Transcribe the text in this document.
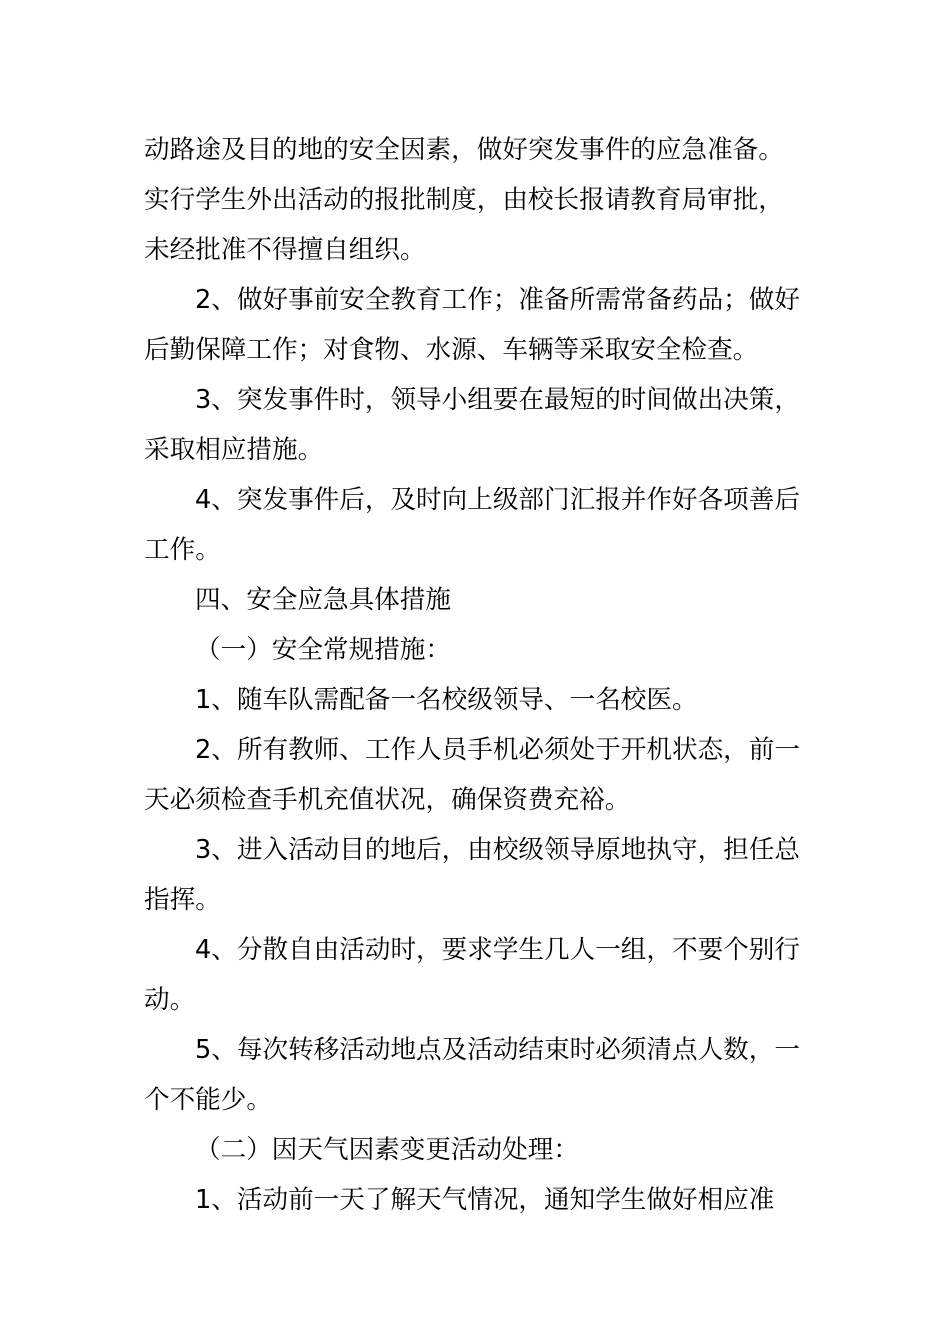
动路途及目的地的安全因素，做好突发事件的应急准备。
实行学生外出活动的报批制度，由校长报请教育局审批，
未经批准不得擅自组织。
2、做好事前安全教育工作；准备所需常备药品；做好
后勤保障工作；对食物、水源、车辆等采取安全检查。
3、突发事件时，领导小组要在最短的时间做出决策，
采取相应措施。
4、突发事件后，及时向上级部门汇报并作好各项善后
工作。
四、安全应急具体措施
（一）安全常规措施：
1、随车队需配备一名校级领导、一名校医。
2、所有教师、工作人员手机必须处于开机状态，前一
天必须检查手机充值状况，确保资费充裕。
3、进入活动目的地后，由校级领导原地执守，担任总
指挥。
4、分散自由活动时，要求学生几人一组，不要个别行
动。
5、每次转移活动地点及活动结束时必须清点人数，一
个不能少。
（二）因天气因素变更活动处理：
1、活动前一天了解天气情况，通知学生做好相应准
